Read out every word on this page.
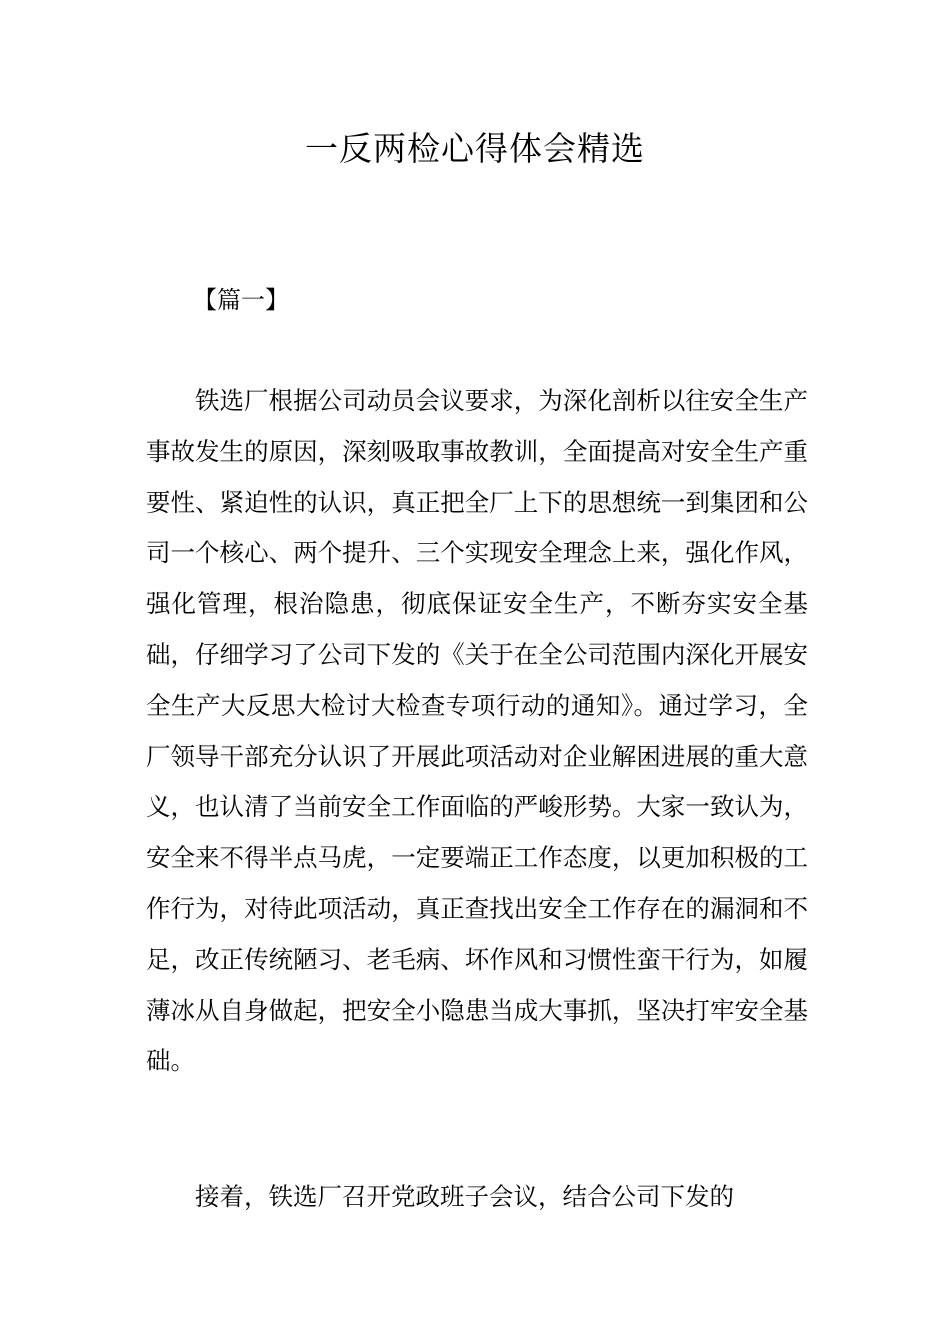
一反两检心得体会精选
【篇一】

铁选厂根据公司动员会议要求，为深化剖析以往安全生产事故发生的原因，深刻吸取事故教训，全面提高对安全生产重要性、紧迫性的认识，真正把全厂上下的思想统一到集团和公司一个核心、两个提升、三个实现安全理念上来，强化作风，强化管理，根治隐患，彻底保证安全生产，不断夯实安全基础，仔细学习了公司下发的《关于在全公司范围内深化开展安全生产大反思大检讨大检查专项行动的通知》。通过学习，全厂领导干部充分认识了开展此项活动对企业解困进展的重大意义，也认清了当前安全工作面临的严峻形势。大家一致认为，安全来不得半点马虎，一定要端正工作态度，以更加积极的工作行为，对待此项活动，真正查找出安全工作存在的漏洞和不足，改正传统陋习、老毛病、坏作风和习惯性蛮干行为，如履薄冰从自身做起，把安全小隐患当成大事抓，坚决打牢安全基础。

接着，铁选厂召开党政班子会议，结合公司下发的
